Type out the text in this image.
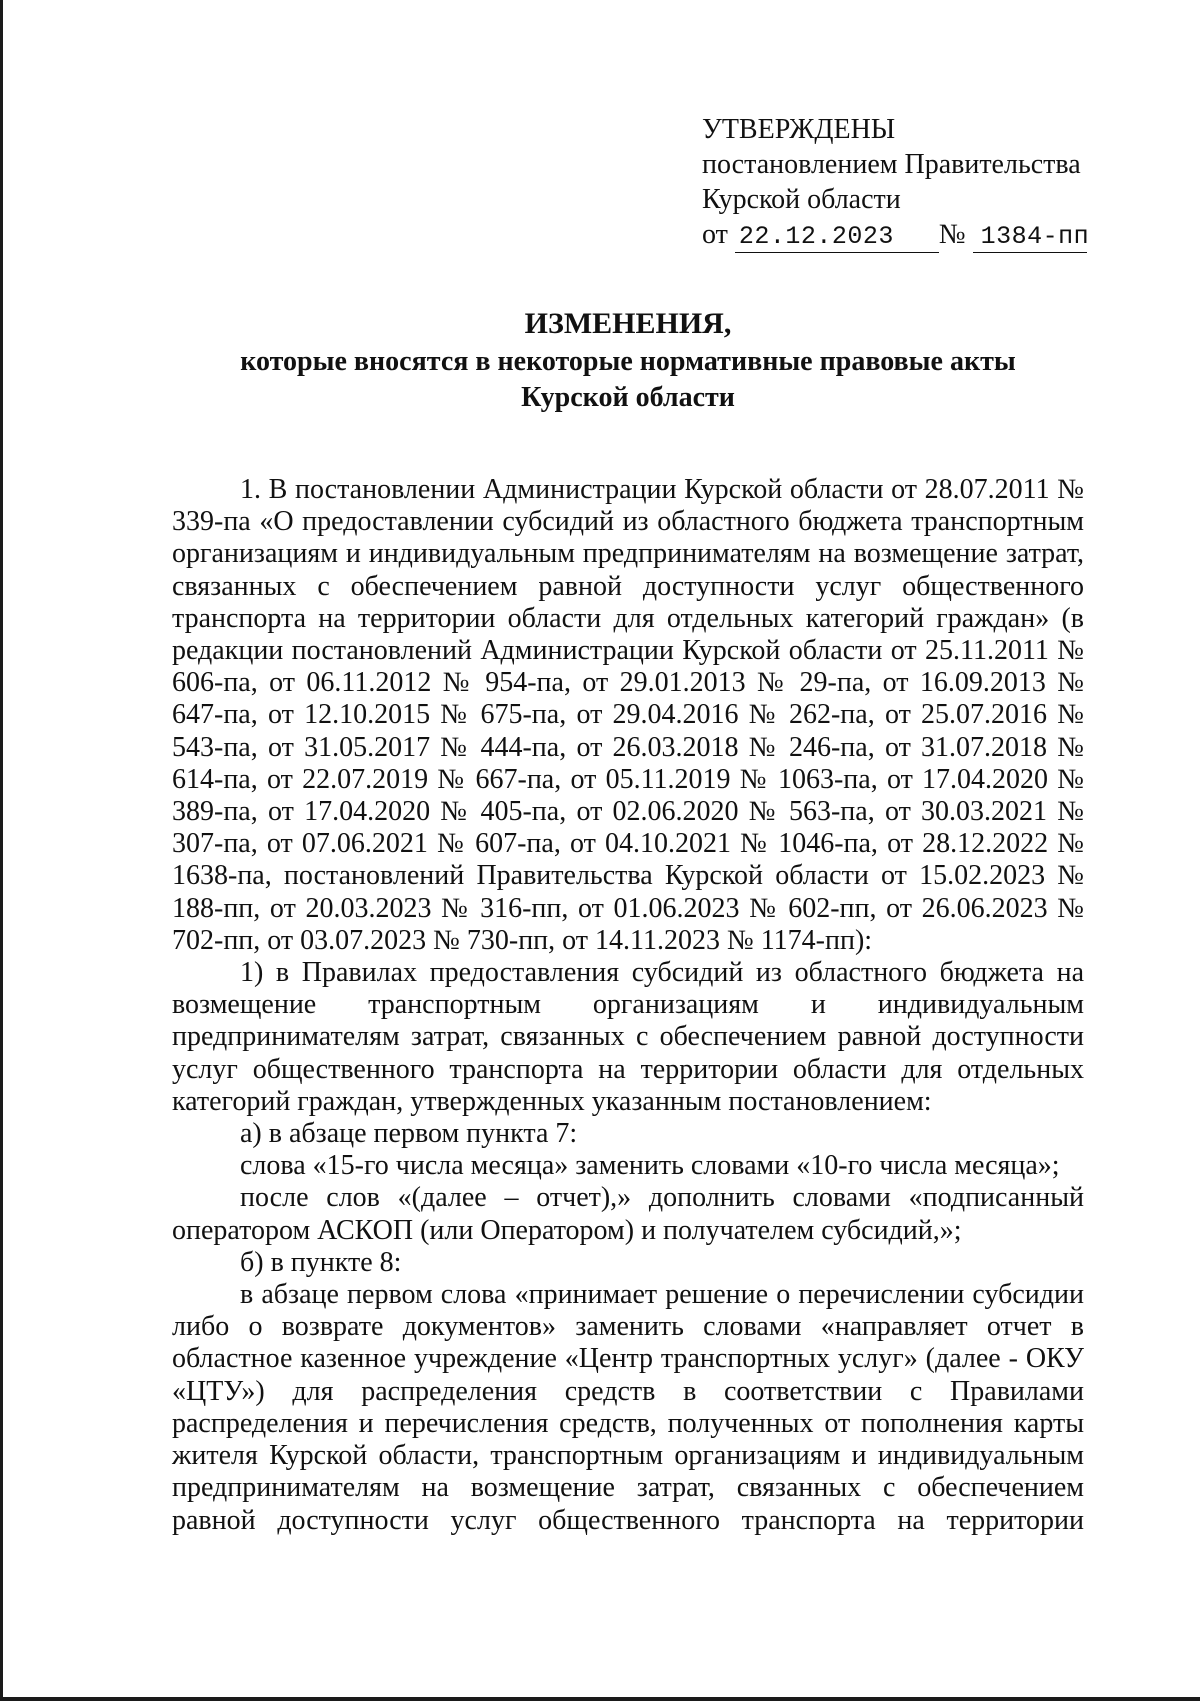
УТВЕРЖДЕНЫ
постановлением Правительства
Курской области
от 22.12.2023 № 1384-пп
ИЗМЕНЕНИЯ,
которые вносятся в некоторые нормативные правовые акты
Курской области

1. В постановлении Администрации Курской области от 28.07.2011 № 339-па «О предоставлении субсидий из областного бюджета транспортным организациям и индивидуальным предпринимателям на возмещение затрат, связанных с обеспечением равной доступности услуг общественного транспорта на территории области для отдельных категорий граждан» (в редакции постановлений Администрации Курской области от 25.11.2011 № 606-па, от 06.11.2012 № 954-па, от 29.01.2013 № 29-па, от 16.09.2013 № 647-па, от 12.10.2015 № 675-па, от 29.04.2016 № 262-па, от 25.07.2016 № 543-па, от 31.05.2017 № 444-па, от 26.03.2018 № 246-па, от 31.07.2018 № 614-па, от 22.07.2019 № 667-па, от 05.11.2019 № 1063-па, от 17.04.2020 № 389-па, от 17.04.2020 № 405-па, от 02.06.2020 № 563-па, от 30.03.2021 № 307-па, от 07.06.2021 № 607-па, от 04.10.2021 № 1046-па, от 28.12.2022 № 1638-па, постановлений Правительства Курской области от 15.02.2023 № 188-пп, от 20.03.2023 № 316-пп, от 01.06.2023 № 602-пп, от 26.06.2023 № 702-пп, от 03.07.2023 № 730-пп, от 14.11.2023 № 1174-пп):

1) в Правилах предоставления субсидий из областного бюджета на возмещение транспортным организациям и индивидуальным предпринимателям затрат, связанных с обеспечением равной доступности услуг общественного транспорта на территории области для отдельных категорий граждан, утвержденных указанным постановлением:

а) в абзаце первом пункта 7:

слова «15-го числа месяца» заменить словами «10-го числа месяца»;

после слов «(далее – отчет),» дополнить словами «подписанный оператором АСКОП (или Оператором) и получателем субсидий,»;

б) в пункте 8:

в абзаце первом слова «принимает решение о перечислении субсидии либо о возврате документов» заменить словами «направляет отчет в областное казенное учреждение «Центр транспортных услуг» (далее - ОКУ «ЦТУ») для распределения средств в соответствии с Правилами распределения и перечисления средств, полученных от пополнения карты жителя Курской области, транспортным организациям и индивидуальным предпринимателям на возмещение затрат, связанных с обеспечением равной доступности услуг общественного транспорта на территории
